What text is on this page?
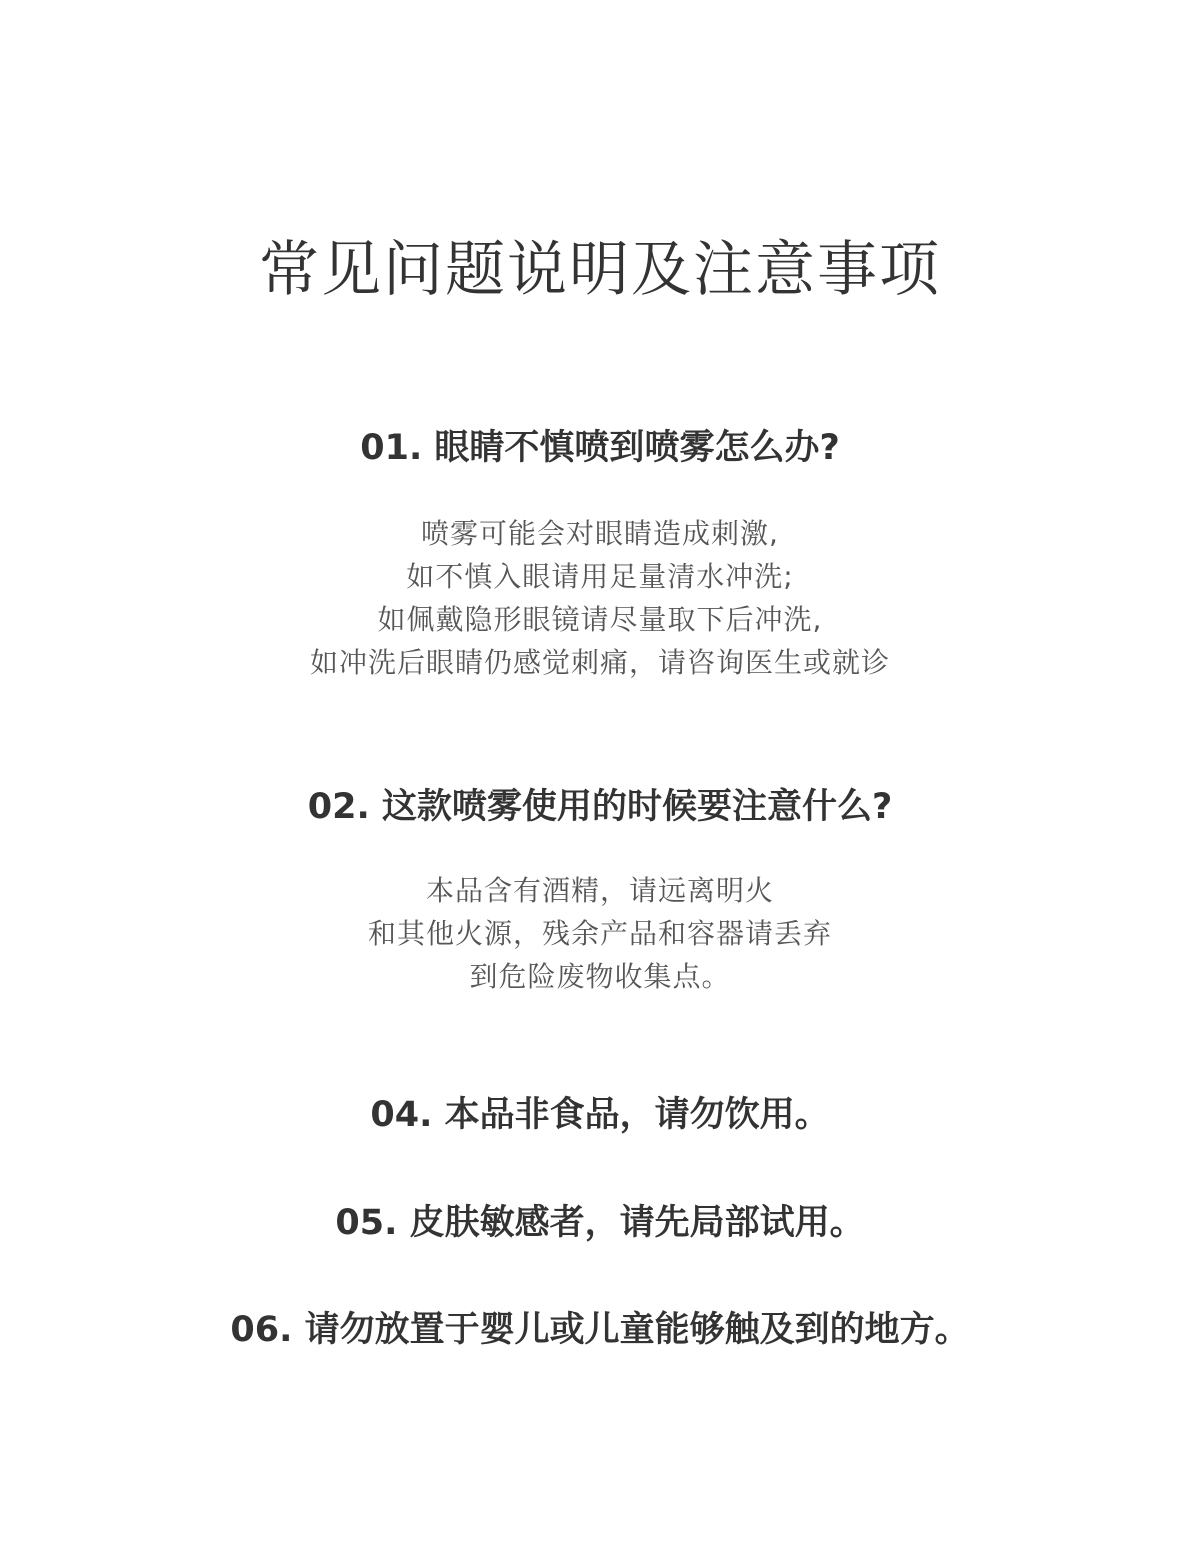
常见问题说明及注意事项
01. 眼睛不慎喷到喷雾怎么办?
喷雾可能会对眼睛造成刺激,
如不慎入眼请用足量清水冲洗;
如佩戴隐形眼镜请尽量取下后冲洗,
如冲洗后眼睛仍感觉刺痛，请咨询医生或就诊
02. 这款喷雾使用的时候要注意什么?
本品含有酒精，请远离明火
和其他火源，残余产品和容器请丢弃
到危险废物收集点。
04. 本品非食品，请勿饮用。
05. 皮肤敏感者，请先局部试用。
06. 请勿放置于婴儿或儿童能够触及到的地方。
